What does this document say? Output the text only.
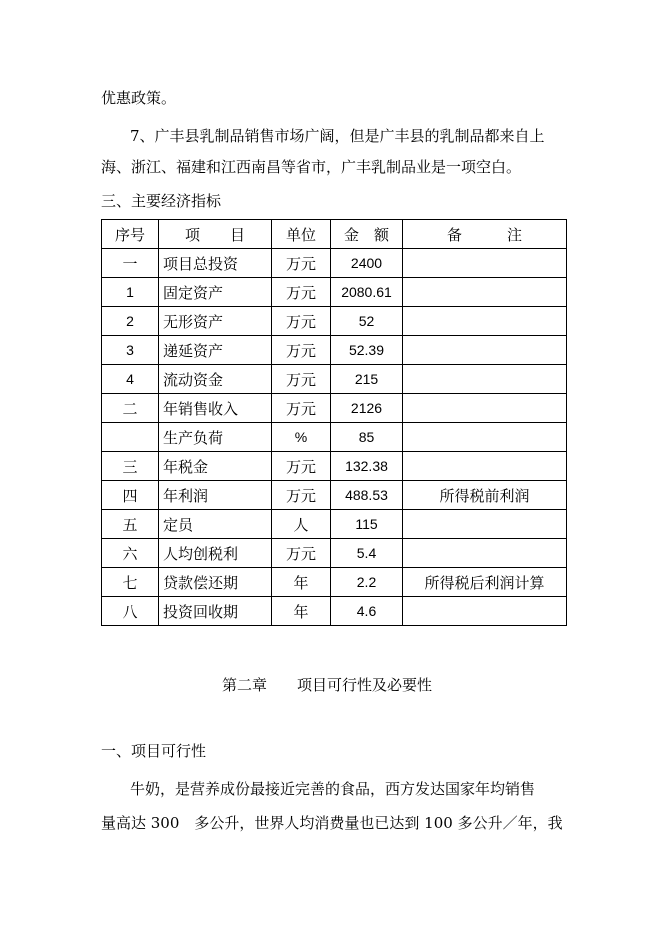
优惠政策。
7、广丰县乳制品销售市场广阔，但是广丰县的乳制品都来自上
海、浙江、福建和江西南昌等省市，广丰乳制品业是一项空白。
三、主要经济指标
序号	项　　目	单位	金　额	备　　　注
一	项目总投资	万元	2400	
1	固定资产	万元	2080.61	
2	无形资产	万元	52	
3	递延资产	万元	52.39	
4	流动资金	万元	215	
二	年销售收入	万元	2126	
	生产负荷	%	85	
三	年税金	万元	132.38	
四	年利润	万元	488.53	所得税前利润
五	定员	人	115	
六	人均创税利	万元	5.4	
七	贷款偿还期	年	2.2	所得税后利润计算
八	投资回收期	年	4.6	
第二章　　项目可行性及必要性
一、项目可行性
牛奶，是营养成份最接近完善的食品，西方发达国家年均销售
量高达 300　多公升，世界人均消费量也已达到 100 多公升／年，我
